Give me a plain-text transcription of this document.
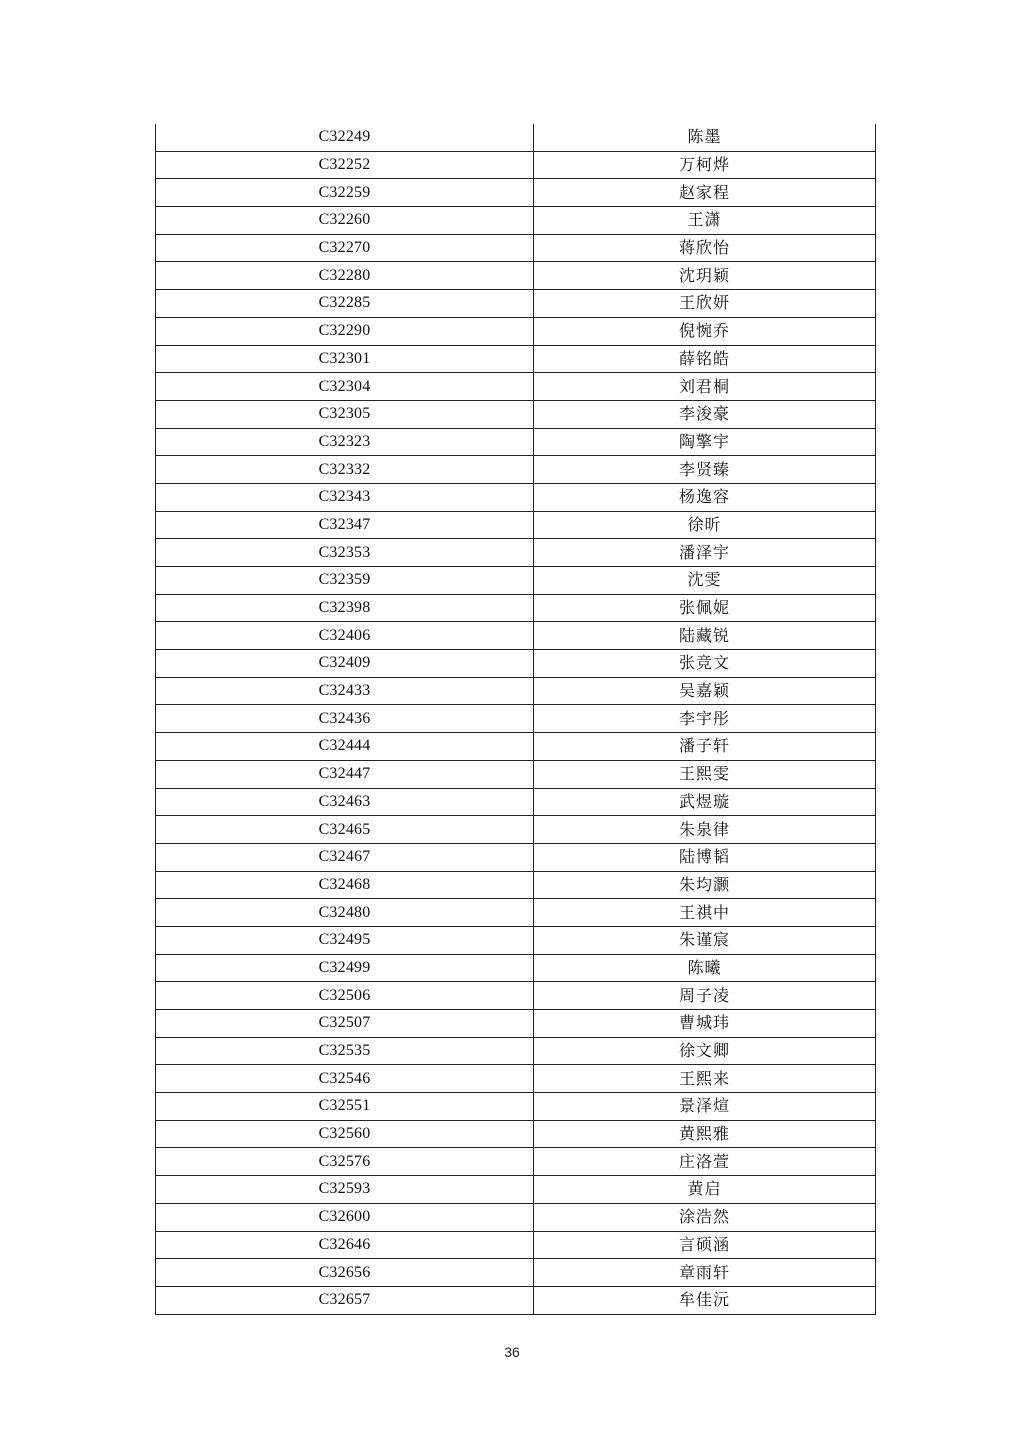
C32249	陈墨
C32252	万柯烨
C32259	赵家程
C32260	王潇
C32270	蒋欣怡
C32280	沈玥颖
C32285	王欣妍
C32290	倪惋乔
C32301	薛铭皓
C32304	刘君桐
C32305	李浚豪
C32323	陶擎宇
C32332	李贤臻
C32343	杨逸容
C32347	徐昕
C32353	潘泽宇
C32359	沈雯
C32398	张佩妮
C32406	陆藏锐
C32409	张竞文
C32433	吴嘉颖
C32436	李宇彤
C32444	潘子轩
C32447	王熙雯
C32463	武煜璇
C32465	朱泉律
C32467	陆博韬
C32468	朱均灏
C32480	王祺中
C32495	朱谨宸
C32499	陈曦
C32506	周子凌
C32507	曹城玮
C32535	徐文卿
C32546	王熙来
C32551	景泽煊
C32560	黄熙雅
C32576	庄洛萱
C32593	黄启
C32600	涂浩然
C32646	言硕涵
C32656	章雨轩
C32657	牟佳沅
36
